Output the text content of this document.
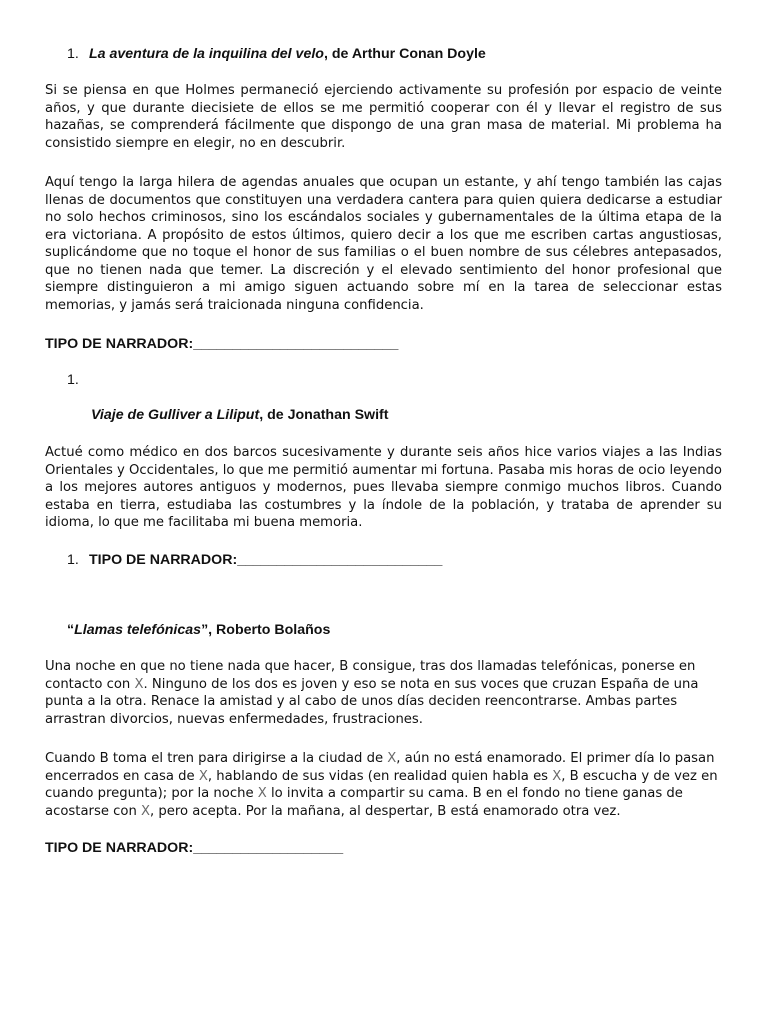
1. La aventura de la inquilina del velo, de Arthur Conan Doyle
Si se piensa en que Holmes permaneció ejerciendo activamente su profesión por espacio de veinte años, y que durante diecisiete de ellos se me permitió cooperar con él y llevar el registro de sus hazañas, se comprenderá fácilmente que dispongo de una gran masa de material. Mi problema ha consistido siempre en elegir, no en descubrir.
Aquí tengo la larga hilera de agendas anuales que ocupan un estante, y ahí tengo también las cajas llenas de documentos que constituyen una verdadera cantera para quien quiera dedicarse a estudiar no solo hechos criminosos, sino los escándalos sociales y gubernamentales de la última etapa de la era victoriana. A propósito de estos últimos, quiero decir a los que me escriben cartas angustiosas, suplicándome que no toque el honor de sus familias o el buen nombre de sus célebres antepasados, que no tienen nada que temer. La discreción y el elevado sentimiento del honor profesional que siempre distinguieron a mi amigo siguen actuando sobre mí en la tarea de seleccionar estas memorias, y jamás será traicionada ninguna confidencia.
TIPO DE NARRADOR:__________________________
1.
Viaje de Gulliver a Liliput, de Jonathan Swift
Actué como médico en dos barcos sucesivamente y durante seis años hice varios viajes a las Indias Orientales y Occidentales, lo que me permitió aumentar mi fortuna. Pasaba mis horas de ocio leyendo a los mejores autores antiguos y modernos, pues llevaba siempre conmigo muchos libros. Cuando estaba en tierra, estudiaba las costumbres y la índole de la población, y trataba de aprender su idioma, lo que me facilitaba mi buena memoria.
1. TIPO DE NARRADOR:__________________________
“Llamas telefónicas”, Roberto Bolaños
Una noche en que no tiene nada que hacer, B consigue, tras dos llamadas telefónicas, ponerse en contacto con X. Ninguno de los dos es joven y eso se nota en sus voces que cruzan España de una punta a la otra. Renace la amistad y al cabo de unos días deciden reencontrarse. Ambas partes arrastran divorcios, nuevas enfermedades, frustraciones.
Cuando B toma el tren para dirigirse a la ciudad de X, aún no está enamorado. El primer día lo pasan encerrados en casa de X, hablando de sus vidas (en realidad quien habla es X, B escucha y de vez en cuando pregunta); por la noche X lo invita a compartir su cama. B en el fondo no tiene ganas de acostarse con X, pero acepta. Por la mañana, al despertar, B está enamorado otra vez.
TIPO DE NARRADOR:___________________
